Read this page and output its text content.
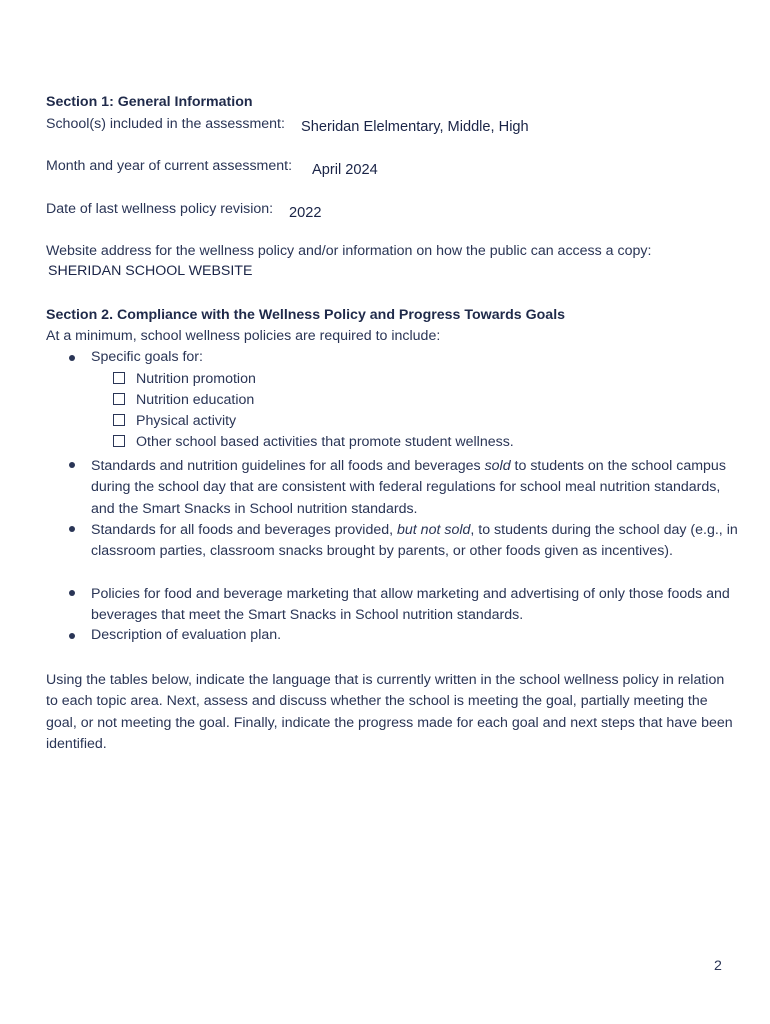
Section 1: General Information
School(s) included in the assessment: Sheridan Elelmentary, Middle, High
Month and year of current assessment: April 2024
Date of last wellness policy revision: 2022
Website address for the wellness policy and/or information on how the public can access a copy:
SHERIDAN SCHOOL WEBSITE
Section 2. Compliance with the Wellness Policy and Progress Towards Goals
At a minimum, school wellness policies are required to include:
Specific goals for:
Nutrition promotion
Nutrition education
Physical activity
Other school based activities that promote student wellness.
Standards and nutrition guidelines for all foods and beverages sold to students on the school campus during the school day that are consistent with federal regulations for school meal nutrition standards, and the Smart Snacks in School nutrition standards.
Standards for all foods and beverages provided, but not sold, to students during the school day (e.g., in classroom parties, classroom snacks brought by parents, or other foods given as incentives).
Policies for food and beverage marketing that allow marketing and advertising of only those foods and beverages that meet the Smart Snacks in School nutrition standards.
Description of evaluation plan.
Using the tables below, indicate the language that is currently written in the school wellness policy in relation to each topic area. Next, assess and discuss whether the school is meeting the goal, partially meeting the goal, or not meeting the goal. Finally, indicate the progress made for each goal and next steps that have been identified.
2
